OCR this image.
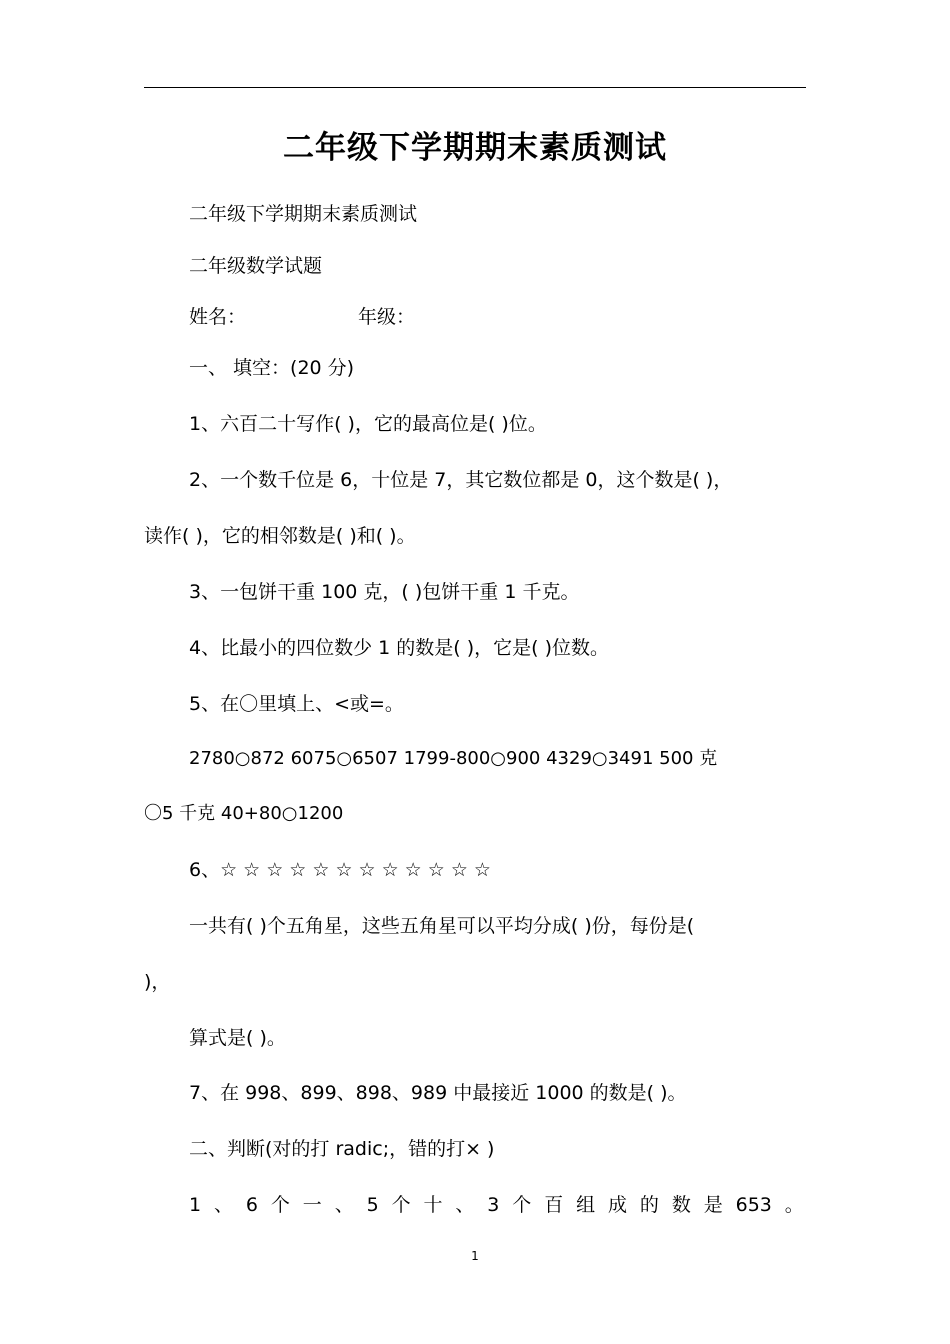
二年级下学期期末素质测试
二年级下学期期末素质测试
二年级数学试题
姓名：	年级：
一、 填空：(20 分)
1、六百二十写作( )，它的最高位是( )位。
2、一个数千位是 6，十位是 7，其它数位都是 0，这个数是( )，
读作( )，它的相邻数是( )和( )。
3、一包饼干重 100 克，( )包饼干重 1 千克。
4、比最小的四位数少 1 的数是( )，它是( )位数。
5、在〇里填上、<或=。
2780○872 6075○6507 1799-800○900 4329○3491 500 克
〇5 千克 40+80○1200
6、☆ ☆ ☆ ☆ ☆ ☆ ☆ ☆ ☆ ☆ ☆ ☆
一共有( )个五角星，这些五角星可以平均分成( )份，每份是(
)，
算式是( )。
7、在 998、899、898、989 中最接近 1000 的数是( )。
二、判断(对的打 radic;，错的打× )
1 、 6 个 一 、 5 个 十 、 3 个 百 组 成 的 数 是 653 。
1
